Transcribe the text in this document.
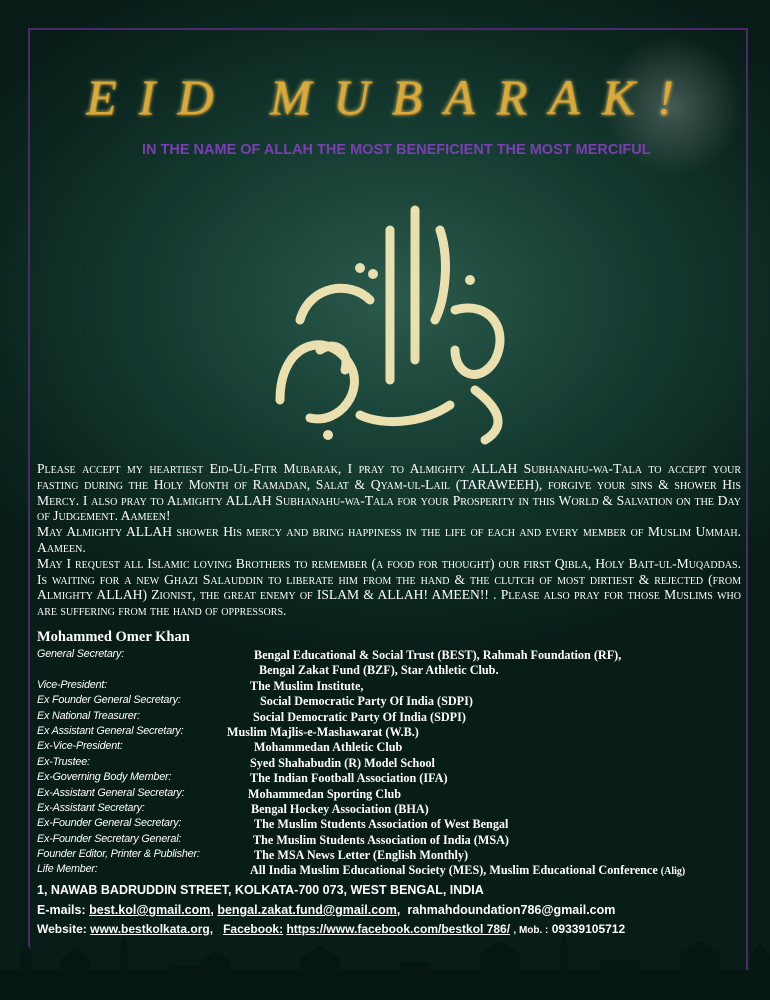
EID MUBARAK!
IN THE NAME OF ALLAH THE MOST BENEFICIENT THE MOST MERCIFUL

Please accept my heartiest Eid-Ul-Fitr Mubarak, I pray to Almighty ALLAH Subhanahu-wa-Tala to accept your fasting during the Holy Month of Ramadan, Salat & Qyam-ul-Lail (TARAWEEH), forgive your sins & shower His Mercy. I also pray to Almighty ALLAH Subhanahu-wa-Tala for your Prosperity in this World & Salvation on the Day of Judgement. Aameen!

May Almighty ALLAH shower His mercy and bring happiness in the life of each and every member of Muslim Ummah. Aameen.

May I request all Islamic loving Brothers to remember (a food for thought) our first Qibla, Holy Bait-ul-Muqaddas. Is waiting for a new Ghazi Salauddin to liberate him from the hand & the clutch of most dirtiest & rejected (from Almighty ALLAH) Zionist, the great enemy of ISLAM & ALLAH! AMEEN!! . Please also pray for those Muslims who are suffering from the hand of oppressors.

Mohammed Omer Khan
General Secretary:	Bengal Educational & Social Trust (BEST), Rahmah Foundation (RF),
Bengal Zakat Fund (BZF), Star Athletic Club.
Vice-President:	The Muslim Institute,
Ex Founder General Secretary:	Social Democratic Party Of India (SDPI)
Ex National Treasurer:	Social Democratic Party Of India (SDPI)
Ex Assistant General Secretary:	Muslim Majlis-e-Mashawarat (W.B.)
Ex-Vice-President:	Mohammedan Athletic Club
Ex-Trustee:	Syed Shahabudin (R) Model School
Ex-Governing Body Member:	The Indian Football Association (IFA)
Ex-Assistant General Secretary:	Mohammedan Sporting Club
Ex-Assistant Secretary:	Bengal Hockey Association (BHA)
Ex-Founder General Secretary:	The Muslim Students Association of West Bengal
Ex-Founder Secretary General:	The Muslim Students Association of India (MSA)
Founder Editor, Printer & Publisher:	The MSA News Letter (English Monthly)
Life Member:	All India Muslim Educational Society (MES), Muslim Educational Conference (Alig)
1, NAWAB BADRUDDIN STREET, KOLKATA-700 073, WEST BENGAL, INDIA
E-mails: best.kol@gmail.com, bengal.zakat.fund@gmail.com,  rahmahdoundation786@gmail.com
Website: www.bestkolkata.org,   Facebook: https://www.facebook.com/bestkol 786/ , Mob. : 09339105712
